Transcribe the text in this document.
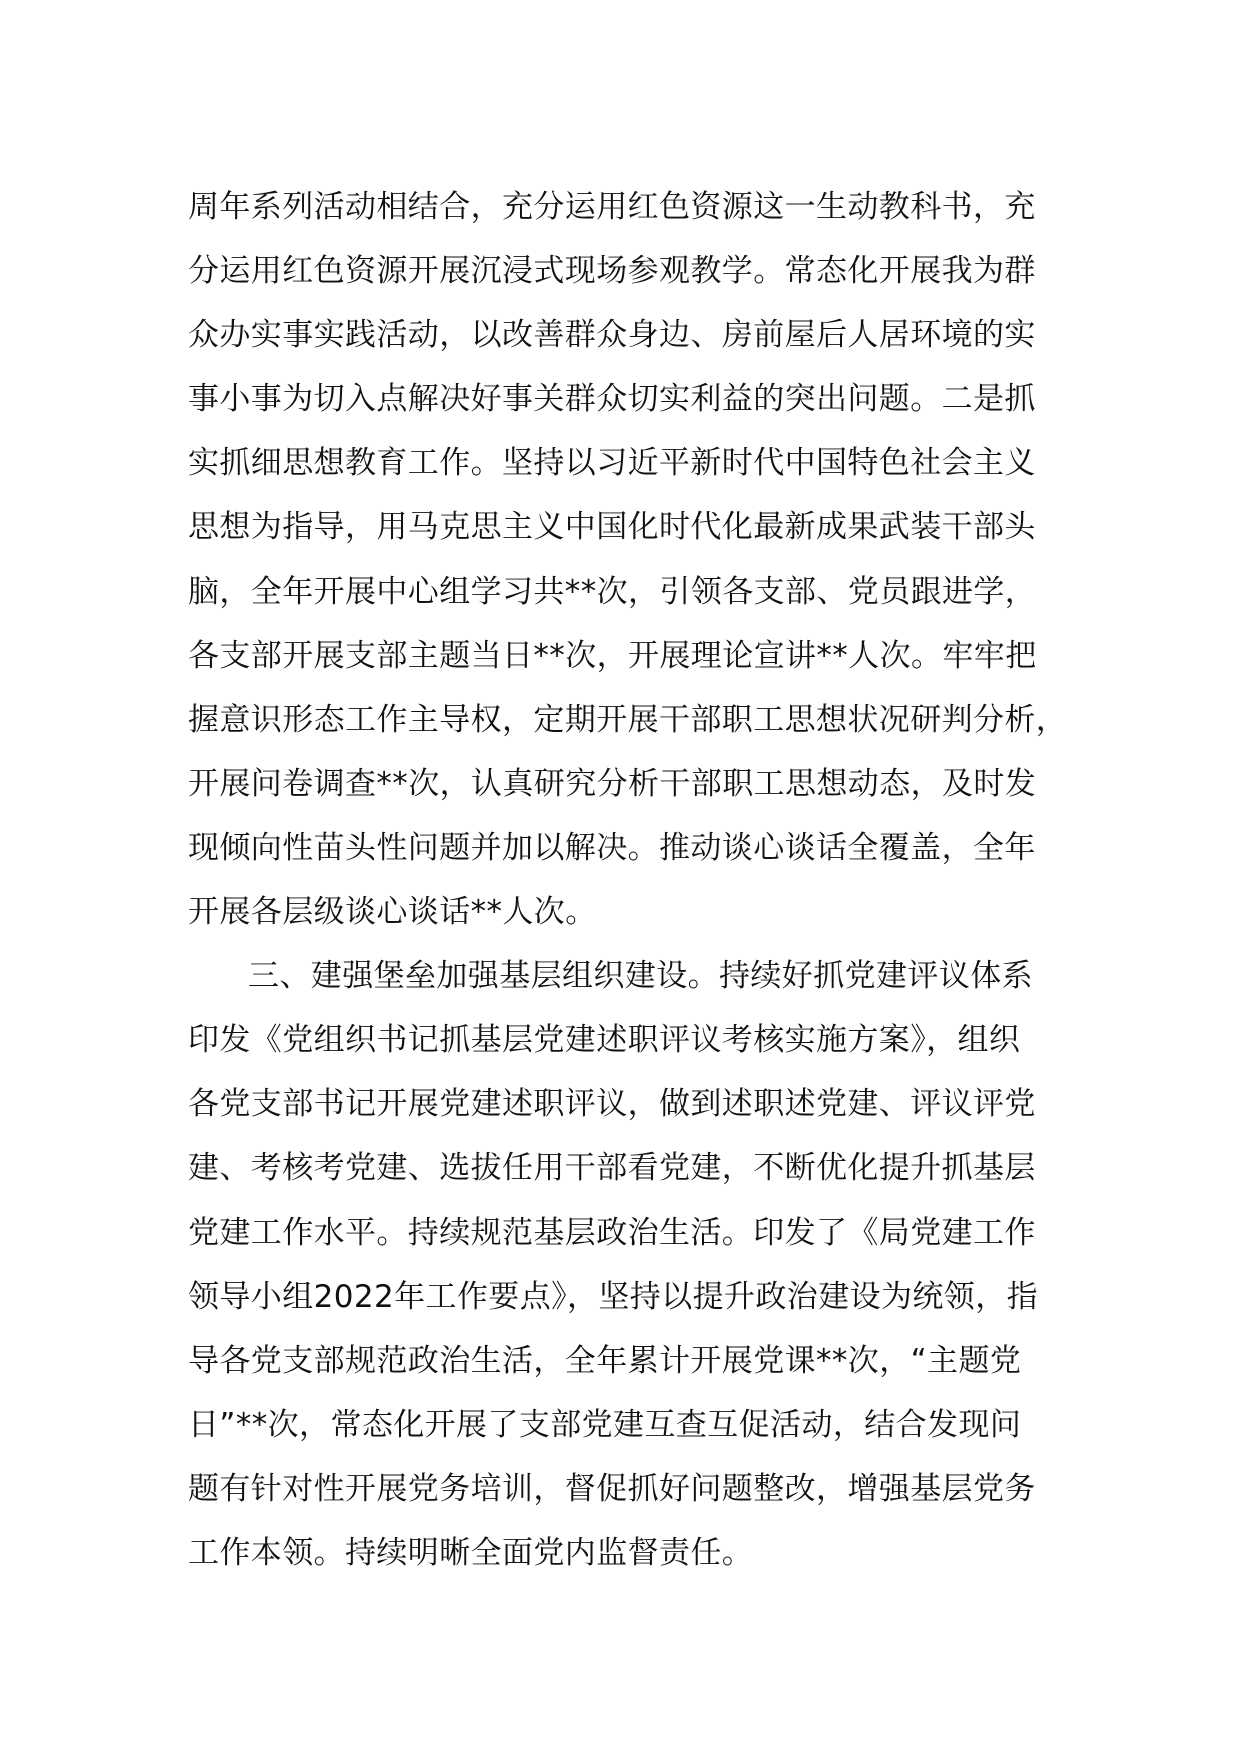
周年系列活动相结合，充分运用红色资源这一生动教科书，充
分运用红色资源开展沉浸式现场参观教学。常态化开展我为群
众办实事实践活动，以改善群众身边、房前屋后人居环境的实
事小事为切入点解决好事关群众切实利益的突出问题。二是抓
实抓细思想教育工作。坚持以习近平新时代中国特色社会主义
思想为指导，用马克思主义中国化时代化最新成果武装干部头
脑，全年开展中心组学习共**次，引领各支部、党员跟进学，
各支部开展支部主题当日**次，开展理论宣讲**人次。牢牢把
握意识形态工作主导权，定期开展干部职工思想状况研判分析，
开展问卷调查**次，认真研究分析干部职工思想动态，及时发
现倾向性苗头性问题并加以解决。推动谈心谈话全覆盖，全年
开展各层级谈心谈话**人次。
三、建强堡垒加强基层组织建设。持续好抓党建评议体系
印发《党组织书记抓基层党建述职评议考核实施方案》，组织
各党支部书记开展党建述职评议，做到述职述党建、评议评党
建、考核考党建、选拔任用干部看党建，不断优化提升抓基层
党建工作水平。持续规范基层政治生活。印发了《局党建工作
领导小组2022年工作要点》，坚持以提升政治建设为统领，指
导各党支部规范政治生活，全年累计开展党课**次，“主题党
日”**次，常态化开展了支部党建互查互促活动，结合发现问
题有针对性开展党务培训，督促抓好问题整改，增强基层党务
工作本领。持续明晰全面党内监督责任。
